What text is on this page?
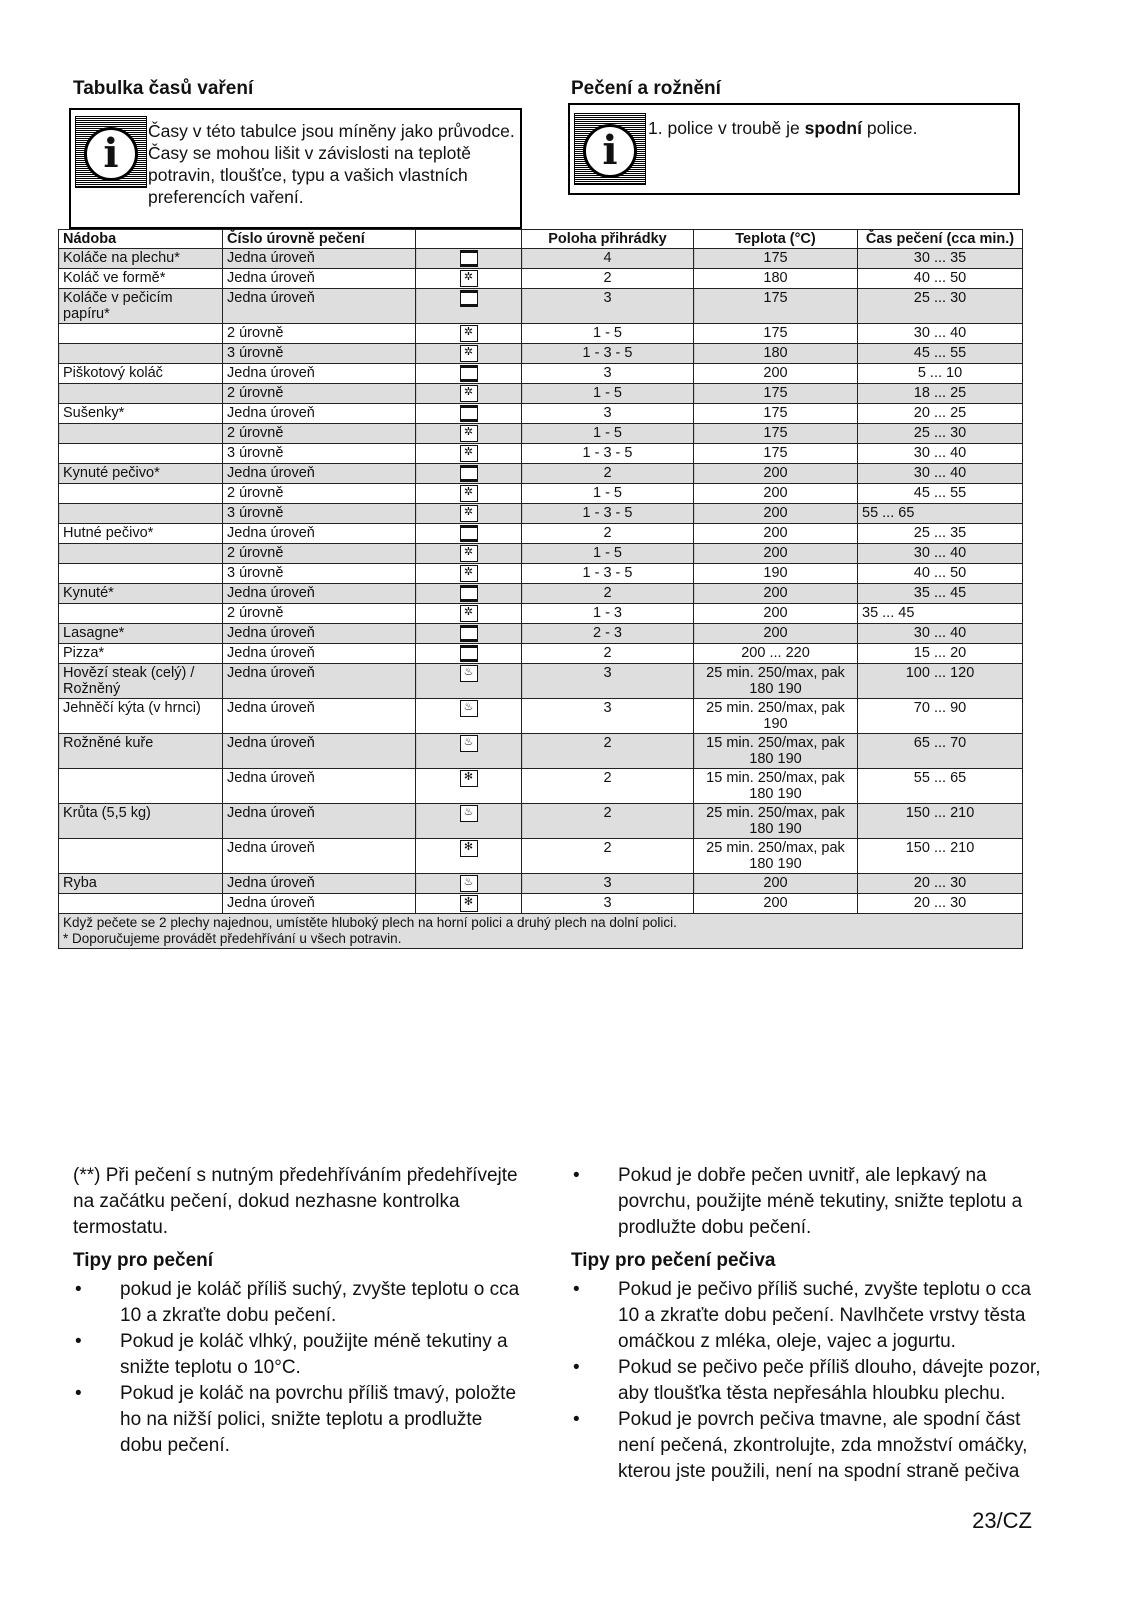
Tabulka časů vaření	Pečení a rožnění
i	Časy v této tabulce jsou míněny jako průvodce.
Časy se mohou lišit v závislosti na teplotě
potravin, tloušťce, typu a vašich vlastních
preferencích vaření.
i	1. police v troubě je spodní police.
Nádoba	Číslo úrovně pečení		Poloha přihrádky	Teplota (°C)	Čas pečení (cca min.)
Koláče na plechu*	Jedna úroveň		4	175	30 ... 35
Koláč ve formě*	Jedna úroveň	✲	2	180	40 ... 50
Koláče v pečicím papíru*	Jedna úroveň		3	175	25 ... 30
	2 úrovně	✲	1 - 5	175	30 ... 40
	3 úrovně	✲	1 - 3 - 5	180	45 ... 55
Piškotový koláč	Jedna úroveň		3	200	5 ... 10
	2 úrovně	✲	1 - 5	175	18 ... 25
Sušenky*	Jedna úroveň		3	175	20 ... 25
	2 úrovně	✲	1 - 5	175	25 ... 30
	3 úrovně	✲	1 - 3 - 5	175	30 ... 40
Kynuté pečivo*	Jedna úroveň		2	200	30 ... 40
	2 úrovně	✲	1 - 5	200	45 ... 55
	3 úrovně	✲	1 - 3 - 5	200	55 ... 65
Hutné pečivo*	Jedna úroveň		2	200	25 ... 35
	2 úrovně	✲	1 - 5	200	30 ... 40
	3 úrovně	✲	1 - 3 - 5	190	40 ... 50
Kynuté*	Jedna úroveň		2	200	35 ... 45
	2 úrovně	✲	1 - 3	200	35 ... 45
Lasagne*	Jedna úroveň		2 - 3	200	30 ... 40
Pizza*	Jedna úroveň		2	200 ... 220	15 ... 20
Hovězí steak (celý) / Rožněný	Jedna úroveň	♨	3	25 min. 250/max, pak 180 190	100 ... 120
Jehněčí kýta (v hrnci)	Jedna úroveň	♨	3	25 min. 250/max, pak 190	70 ... 90
Rožněné kuře	Jedna úroveň	♨	2	15 min. 250/max, pak 180 190	65 ... 70
	Jedna úroveň	✻	2	15 min. 250/max, pak 180 190	55 ... 65
Krůta (5,5 kg)	Jedna úroveň	♨	2	25 min. 250/max, pak 180 190	150 ... 210
	Jedna úroveň	✻	2	25 min. 250/max, pak 180 190	150 ... 210
Ryba	Jedna úroveň	♨	3	200	20 ... 30
	Jedna úroveň	✻	3	200	20 ... 30

Když pečete se 2 plechy najednou, umístěte hluboký plech na horní polici a druhý plech na dolní polici.
* Doporučujeme provádět předehřívání u všech potravin.					
(**) Při pečení s nutným předehříváním předehřívejte na začátku pečení, dokud nezhasne kontrolka termostatu.
Tipy pro pečení
• pokud je koláč příliš suchý, zvyšte teplotu o cca 10 a zkraťte dobu pečení.
• Pokud je koláč vlhký, použijte méně tekutiny a snižte teplotu o 10°C.
• Pokud je koláč na povrchu příliš tmavý, položte ho na nižší polici, snižte teplotu a prodlužte dobu pečení.
• Pokud je dobře pečen uvnitř, ale lepkavý na povrchu, použijte méně tekutiny, snižte teplotu a prodlužte dobu pečení.
Tipy pro pečení pečiva
• Pokud je pečivo příliš suché, zvyšte teplotu o cca 10 a zkraťte dobu pečení. Navlhčete vrstvy těsta omáčkou z mléka, oleje, vajec a jogurtu.
• Pokud se pečivo peče příliš dlouho, dávejte pozor, aby tloušťka těsta nepřesáhla hloubku plechu.
• Pokud je povrch pečiva tmavne, ale spodní část není pečená, zkontrolujte, zda množství omáčky, kterou jste použili, není na spodní straně pečiva
23/CZ
